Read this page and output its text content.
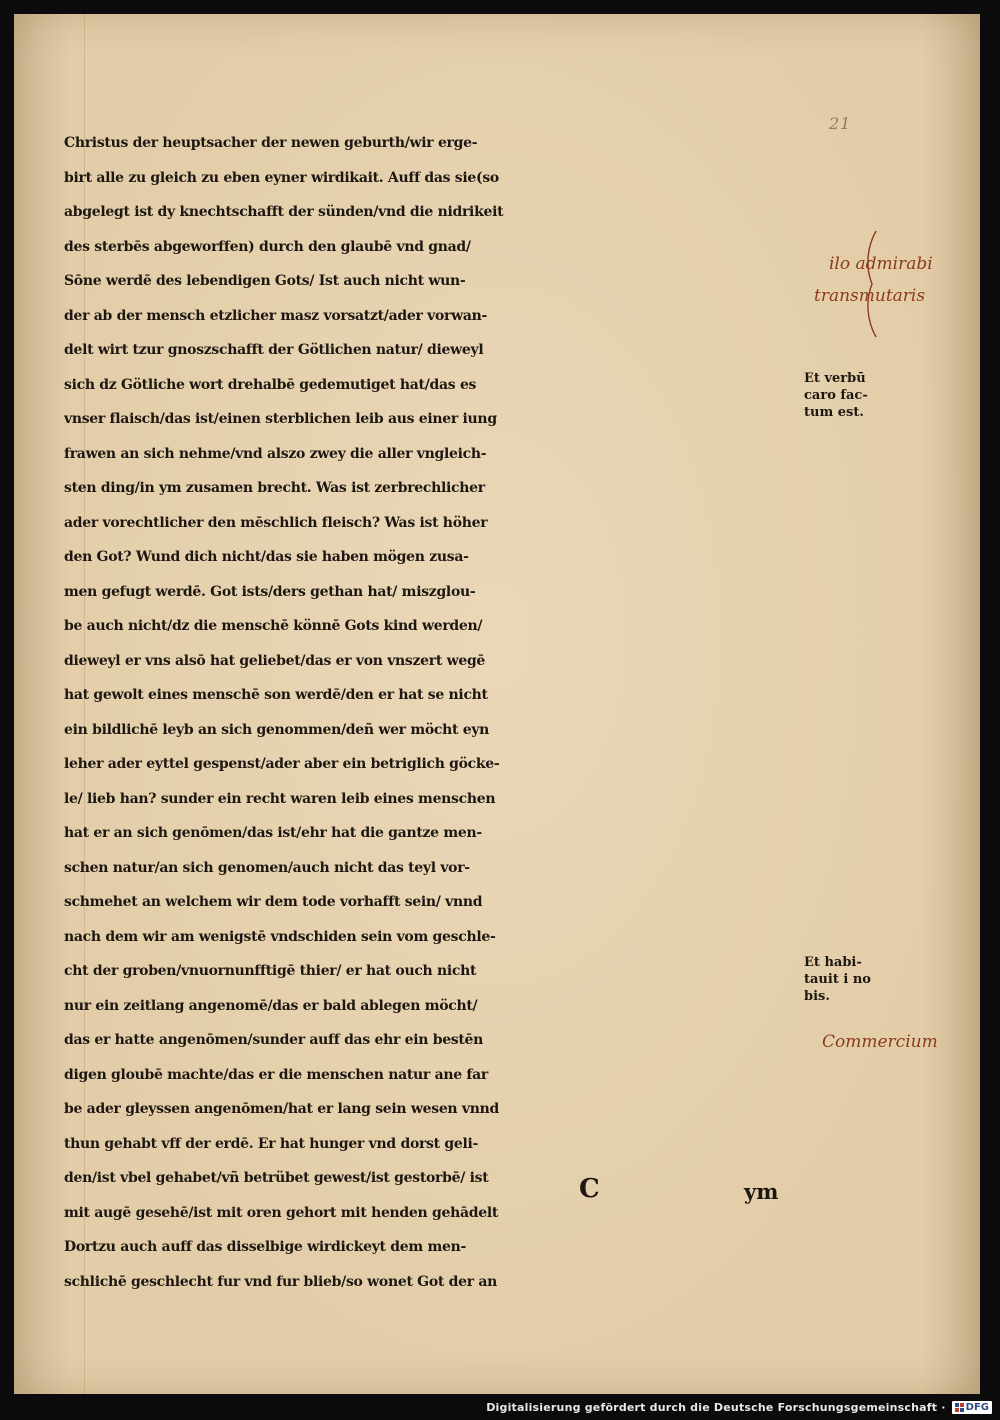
21
Christus der heuptsacher der newen geburth/wir erge-
birt alle zu gleich zu eben eyner wirdikait. Auff das sie(so
abgelegt ist dy knechtschafft der sünden/vnd die nidrikeit
des sterbēs abgeworffen) durch den glaubē vnd gnad/
Sōne werdē des lebendigen Gots/ Ist auch nicht wun-
der ab der mensch etzlicher masz vorsatzt/ader vorwan-
delt wirt tzur gnoszschafft der Götlichen natur/ dieweyl
sich dz Götliche wort drehalbē gedemutiget hat/das es
vnser flaisch/das ist/einen sterblichen leib aus einer iung
frawen an sich nehme/vnd alszo zwey die aller vngleich-
sten ding/in ym zusamen brecht. Was ist zerbrechlicher
ader vorechtlicher den mēschlich fleisch? Was ist höher
den Got? Wund dich nicht/das sie haben mögen zusa-
men gefugt werdē. Got ists/ders gethan hat/ miszglou-
be auch nicht/dz die menschē könnē Gots kind werden/
dieweyl er vns alsō hat geliebet/das er von vnszert wegē
hat gewolt eines menschē son werdē/den er hat se nicht
ein bildlichē leyb an sich genommen/deñ wer möcht eyn
leher ader eyttel gespenst/ader aber ein betriglich göcke-
le/ lieb han? sunder ein recht waren leib eines menschen
hat er an sich genōmen/das ist/ehr hat die gantze men-
schen natur/an sich genomen/auch nicht das teyl vor-
schmehet an welchem wir dem tode vorhafft sein/ vnnd
nach dem wir am wenigstē vndschiden sein vom geschle-
cht der groben/vnuornunfftigē thier/ er hat ouch nicht
nur ein zeitlang angenomē/das er bald ablegen möcht/
das er hatte angenōmen/sunder auff das ehr ein bestēn
digen gloubē machte/das er die menschen natur ane far
be ader gleyssen angenōmen/hat er lang sein wesen vnnd
thun gehabt vff der erdē. Er hat hunger vnd dorst geli-
den/ist vbel gehabet/vñ betrübet gewest/ist gestorbē/ ist
mit augē gesehē/ist mit oren gehort mit henden gehādelt
Dortzu auch auff das disselbige wirdickeyt dem men-
schlichē geschlecht fur vnd fur blieb/so wonet Got der an
Et verbū
caro fac-
tum est.
Et habi-
tauit i no
bis.
ilo admirabi
transmutaris
Commercium
C	ym
Digitalisierung gefördert durch die Deutsche Forschungsgemeinschaft · DFG
